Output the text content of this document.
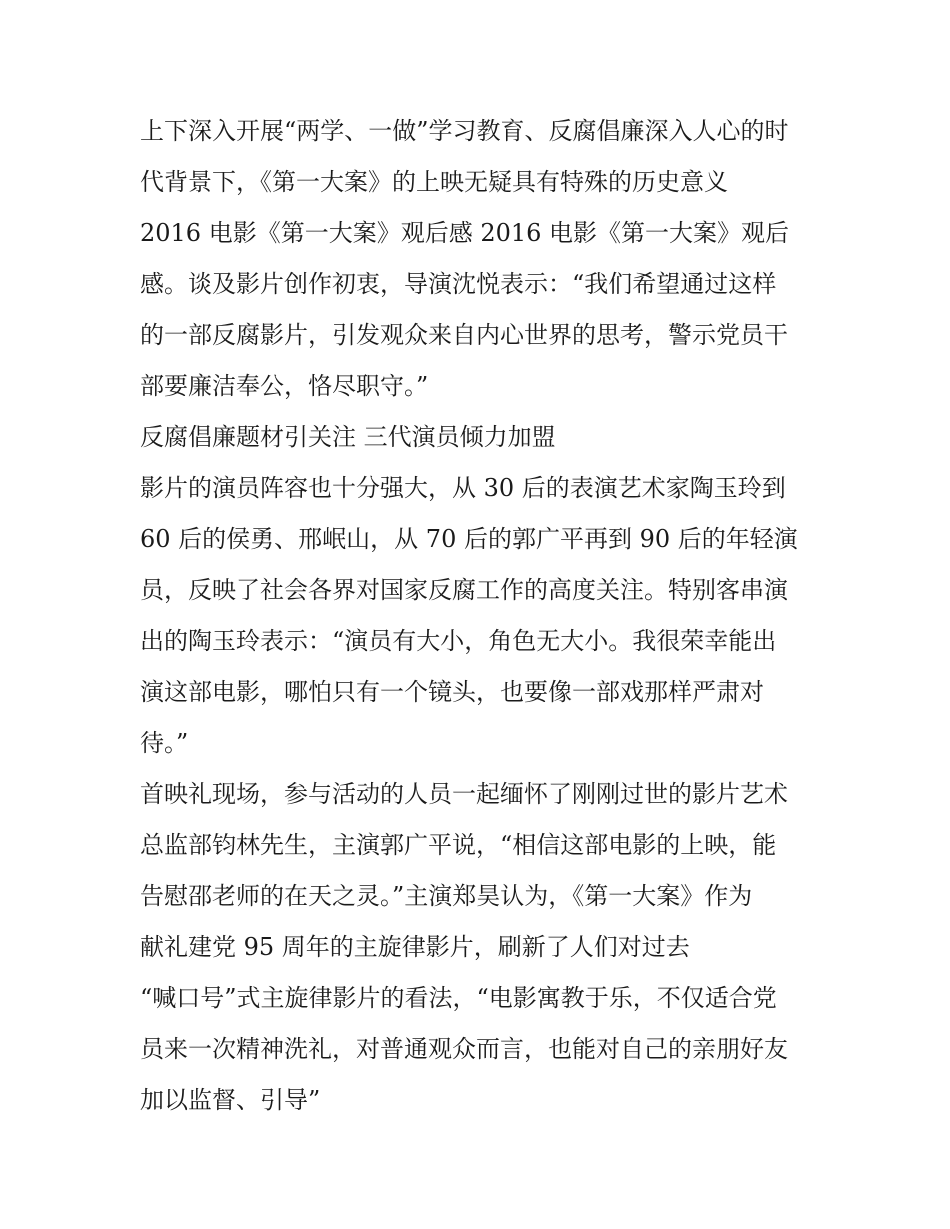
上下深入开展“两学、一做”学习教育、反腐倡廉深入人心的时
代背景下，《第一大案》的上映无疑具有特殊的历史意义
2016 电影《第一大案》观后感 2016 电影《第一大案》观后
感。谈及影片创作初衷，导演沈悦表示：“我们希望通过这样
的一部反腐影片，引发观众来自内心世界的思考，警示党员干
部要廉洁奉公，恪尽职守。”
反腐倡廉题材引关注 三代演员倾力加盟
影片的演员阵容也十分强大，从 30 后的表演艺术家陶玉玲到
60 后的侯勇、邢岷山，从 70 后的郭广平再到 90 后的年轻演
员，反映了社会各界对国家反腐工作的高度关注。特别客串演
出的陶玉玲表示：“演员有大小，角色无大小。我很荣幸能出
演这部电影，哪怕只有一个镜头，也要像一部戏那样严肃对
待。”
首映礼现场，参与活动的人员一起缅怀了刚刚过世的影片艺术
总监部钧林先生，主演郭广平说，“相信这部电影的上映，能
告慰邵老师的在天之灵。”主演郑昊认为，《第一大案》作为
献礼建党 95 周年的主旋律影片，刷新了人们对过去
“喊口号”式主旋律影片的看法，“电影寓教于乐，不仅适合党
员来一次精神洗礼，对普通观众而言，也能对自己的亲朋好友
加以监督、引导”
